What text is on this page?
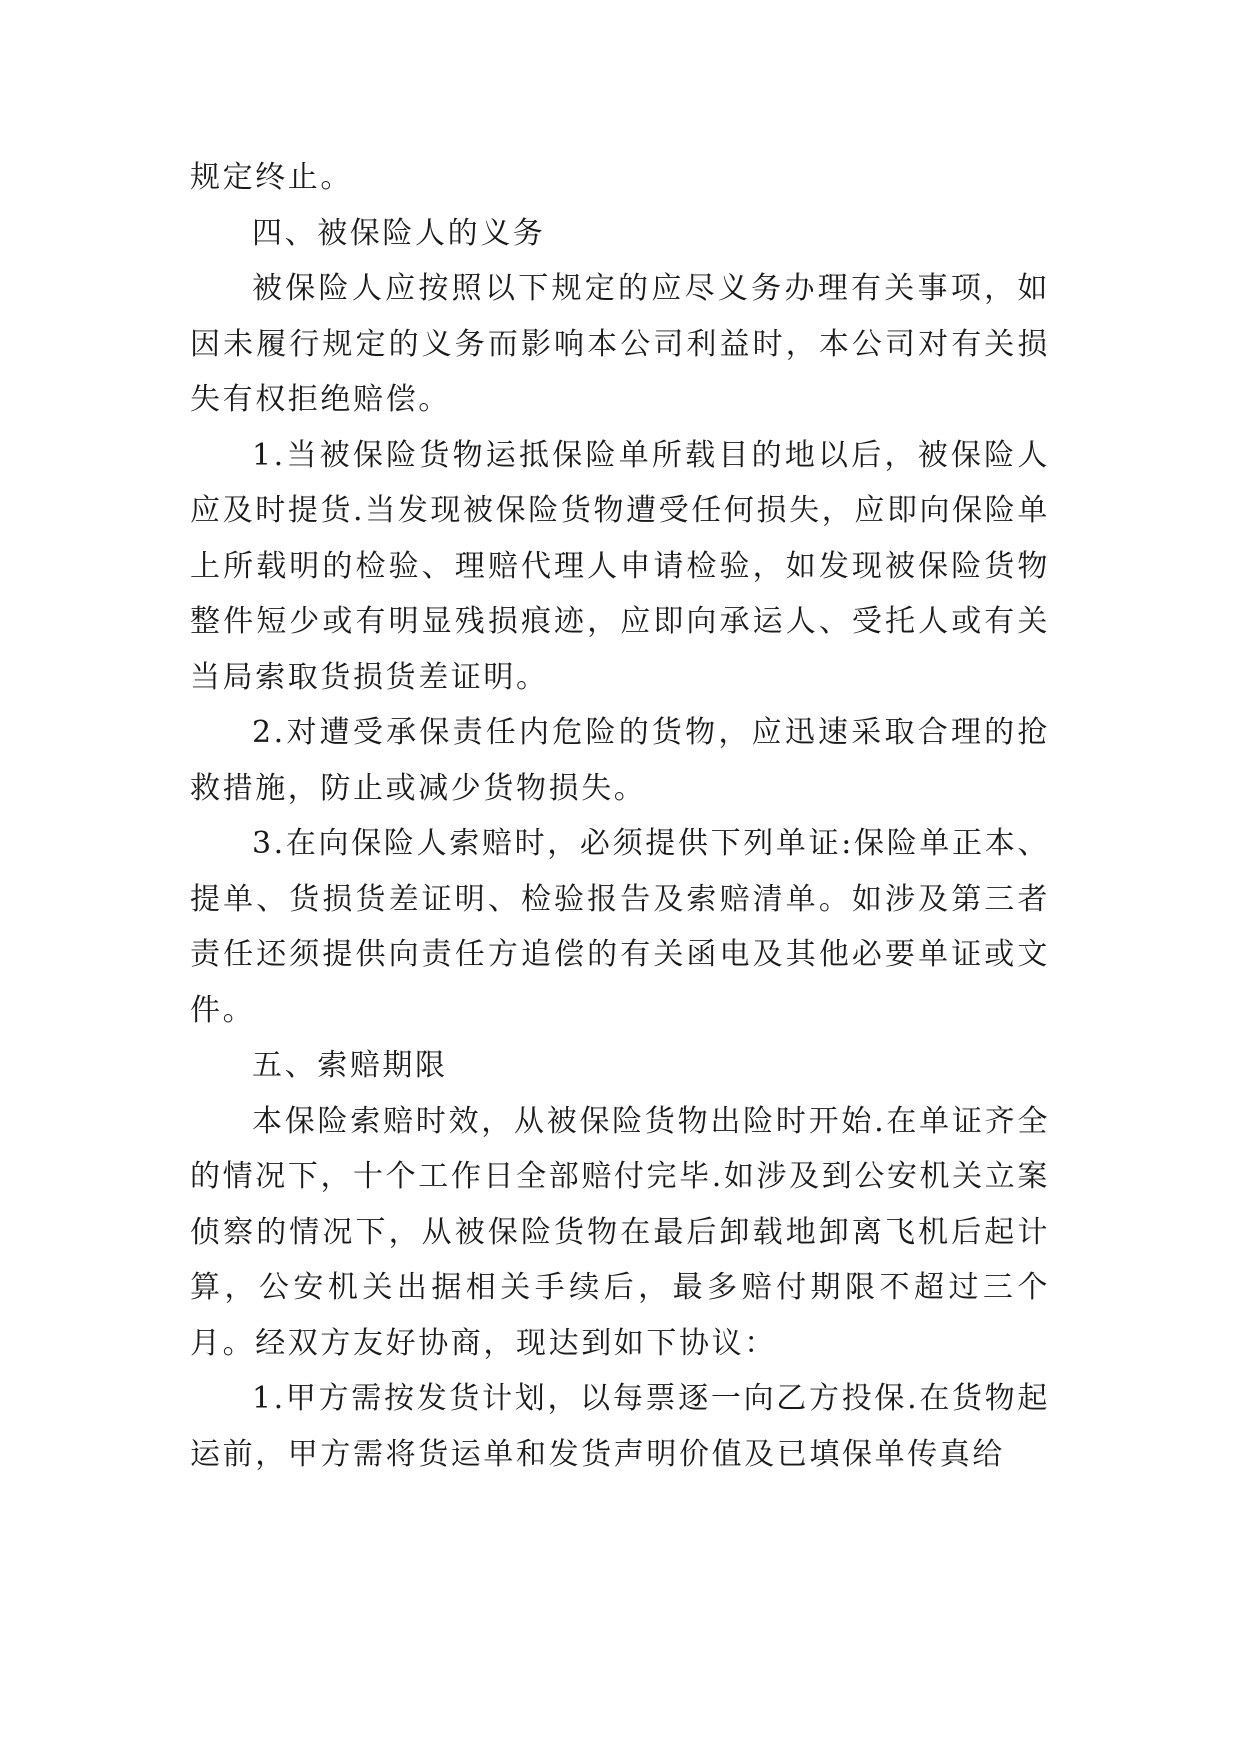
规定终止。

四、被保险人的义务

被保险人应按照以下规定的应尽义务办理有关事项，如因未履行规定的义务而影响本公司利益时，本公司对有关损失有权拒绝赔偿。

1.当被保险货物运抵保险单所载目的地以后，被保险人应及时提货.当发现被保险货物遭受任何损失，应即向保险单上所载明的检验、理赔代理人申请检验，如发现被保险货物整件短少或有明显残损痕迹，应即向承运人、受托人或有关当局索取货损货差证明。

2.对遭受承保责任内危险的货物，应迅速采取合理的抢救措施，防止或减少货物损失。

3.在向保险人索赔时，必须提供下列单证:保险单正本、提单、货损货差证明、检验报告及索赔清单。如涉及第三者责任还须提供向责任方追偿的有关函电及其他必要单证或文件。

五、索赔期限

本保险索赔时效，从被保险货物出险时开始.在单证齐全的情况下，十个工作日全部赔付完毕.如涉及到公安机关立案侦察的情况下，从被保险货物在最后卸载地卸离飞机后起计算，公安机关出据相关手续后，最多赔付期限不超过三个月。经双方友好协商，现达到如下协议：

1.甲方需按发货计划，以每票逐一向乙方投保.在货物起运前，甲方需将货运单和发货声明价值及已填保单传真给
